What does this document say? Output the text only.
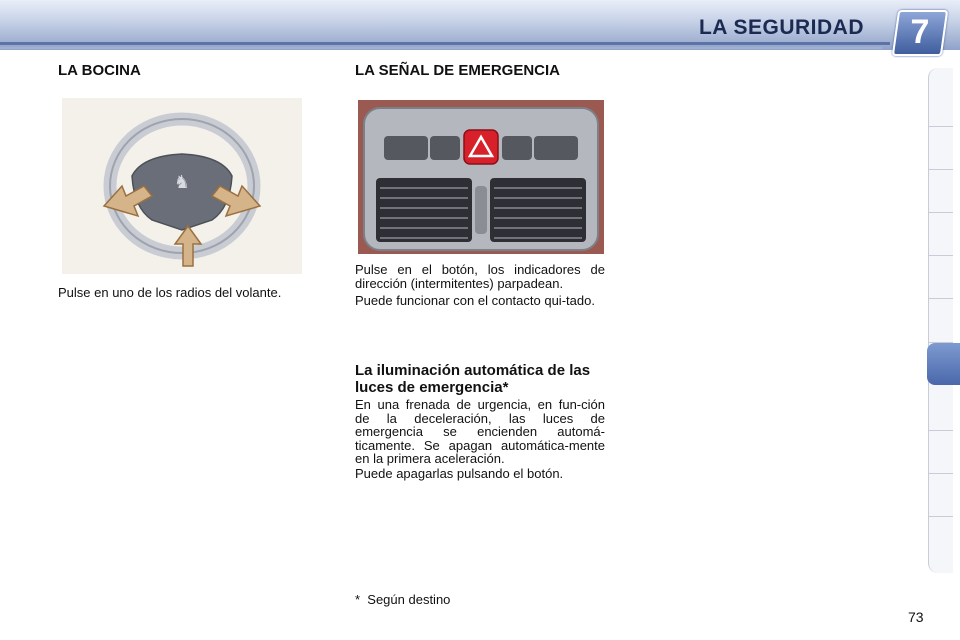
LA SEGURIDAD	7
LA BOCINA
♞
Pulse en uno de los radios del volante.
LA SEÑAL DE EMERGENCIA
Pulse en el botón, los indicadores de dirección (intermitentes) parpadean.
Puede funcionar con el contacto qui-tado.
La iluminación automática de las luces de emergencia*
En una frenada de urgencia, en fun-ción de la deceleración, las luces de emergencia se encienden automá-ticamente. Se apagan automática-mente en la primera aceleración.
Puede apagarlas pulsando el botón.
*  Según destino
73
